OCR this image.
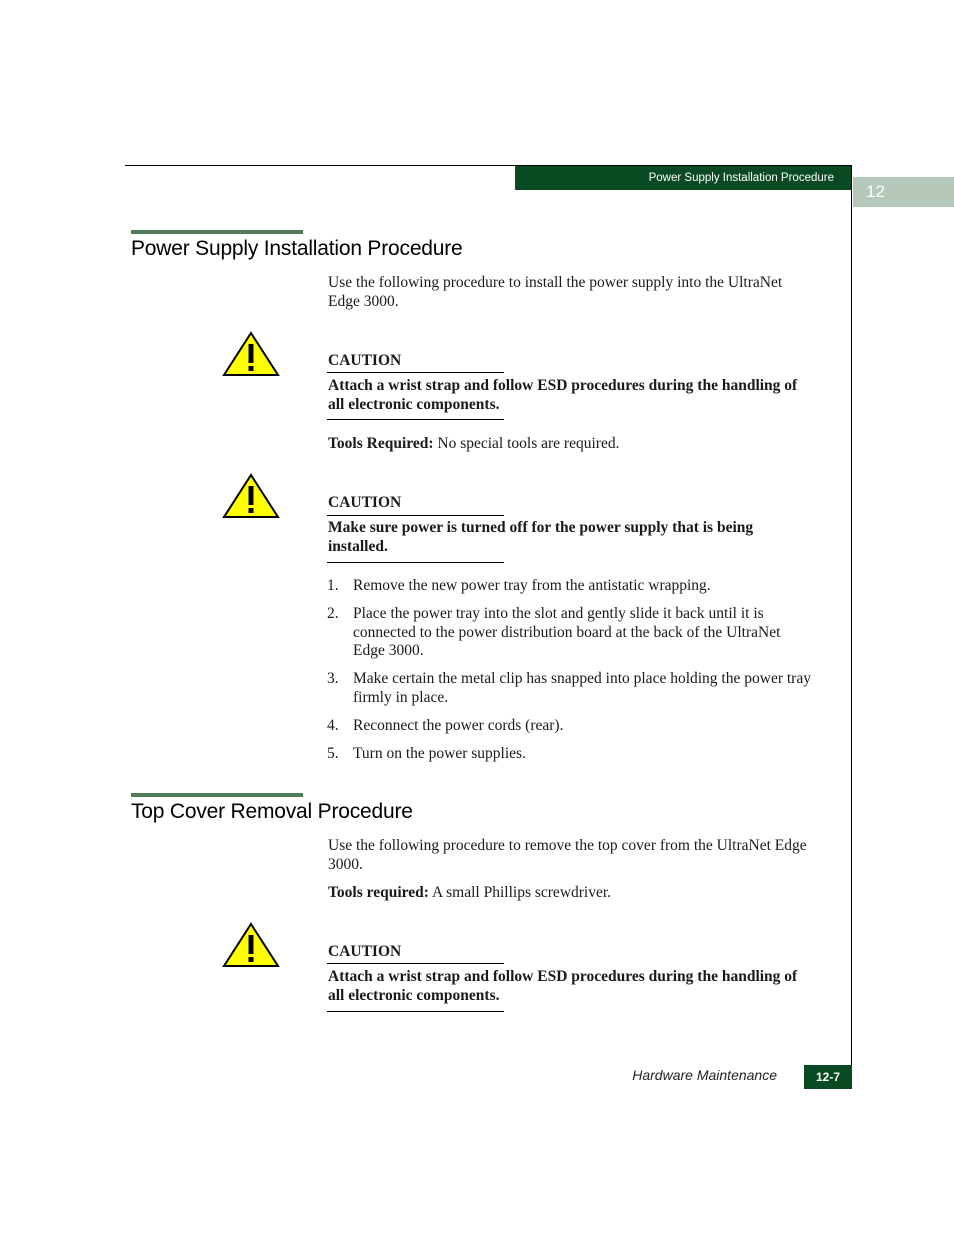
Power Supply Installation Procedure
12
Power Supply Installation Procedure
Use the following procedure to install the power supply into the UltraNet Edge 3000.
CAUTION
Attach a wrist strap and follow ESD procedures during the handling of all electronic components.
Tools Required: No special tools are required.
CAUTION
Make sure power is turned off for the power supply that is being installed.
1. Remove the new power tray from the antistatic wrapping.
2. Place the power tray into the slot and gently slide it back until it is connected to the power distribution board at the back of the UltraNet Edge 3000.
3. Make certain the metal clip has snapped into place holding the power tray firmly in place.
4. Reconnect the power cords (rear).
5. Turn on the power supplies.
Top Cover Removal Procedure
Use the following procedure to remove the top cover from the UltraNet Edge 3000.
Tools required: A small Phillips screwdriver.
CAUTION
Attach a wrist strap and follow ESD procedures during the handling of all electronic components.
Hardware Maintenance	12-7
